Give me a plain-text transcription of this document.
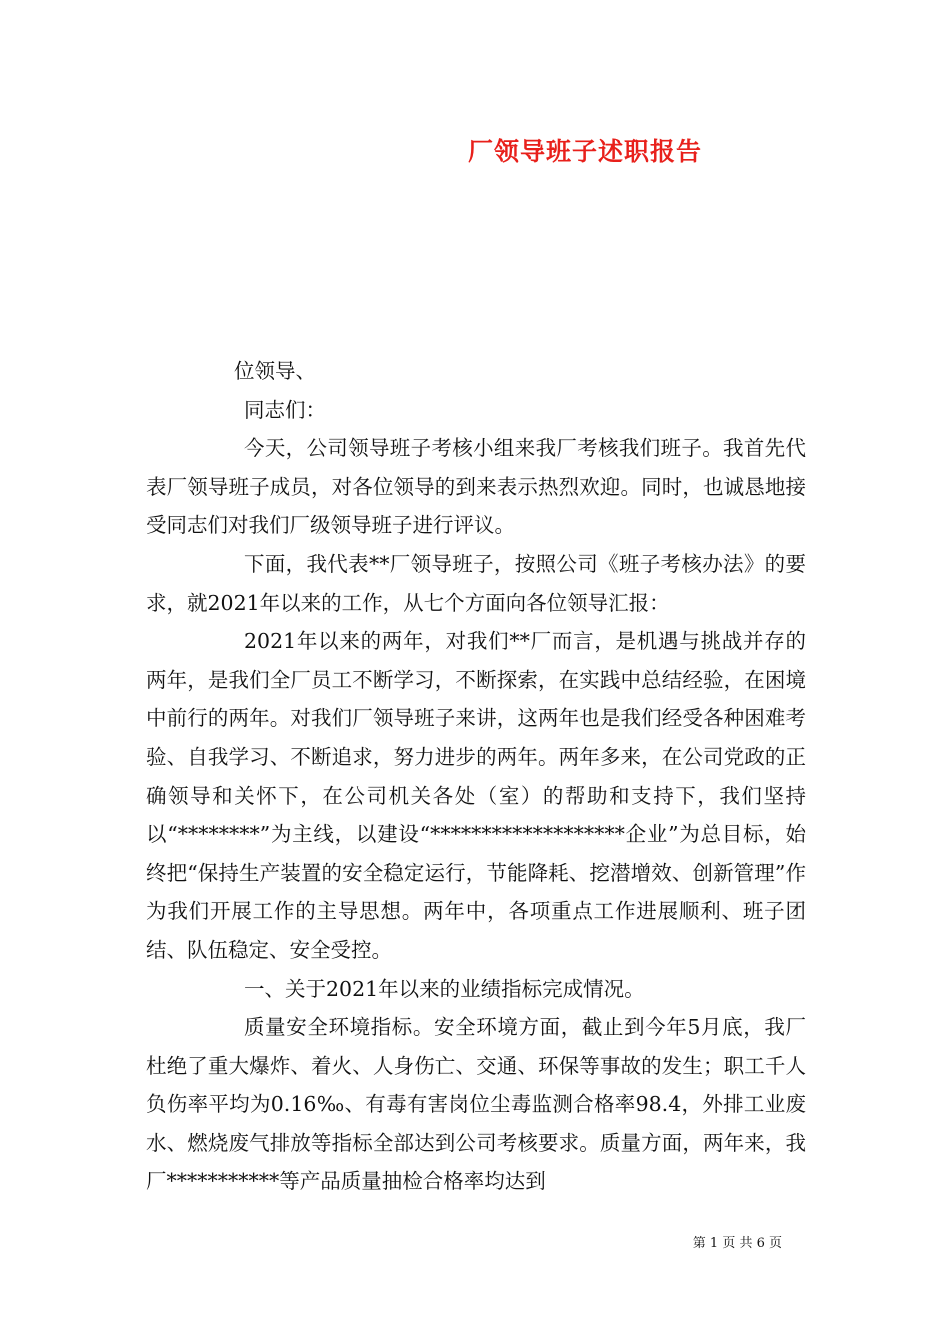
厂领导班子述职报告

位领导、

同志们：

今天，公司领导班子考核小组来我厂考核我们班子。我首先代表厂领导班子成员，对各位领导的到来表示热烈欢迎。同时，也诚恳地接受同志们对我们厂级领导班子进行评议。

下面，我代表**厂领导班子，按照公司《班子考核办法》的要求，就2021年以来的工作，从七个方面向各位领导汇报：

2021年以来的两年，对我们**厂而言，是机遇与挑战并存的两年，是我们全厂员工不断学习，不断探索，在实践中总结经验，在困境中前行的两年。对我们厂领导班子来讲，这两年也是我们经受各种困难考验、自我学习、不断追求，努力进步的两年。两年多来，在公司党政的正确领导和关怀下，在公司机关各处（室）的帮助和支持下，我们坚持以“********”为主线，以建设“*******************企业”为总目标，始终把“保持生产装置的安全稳定运行，节能降耗、挖潜增效、创新管理”作为我们开展工作的主导思想。两年中，各项重点工作进展顺利、班子团结、队伍稳定、安全受控。

一、关于2021年以来的业绩指标完成情况。

质量安全环境指标。安全环境方面，截止到今年5月底，我厂杜绝了重大爆炸、着火、人身伤亡、交通、环保等事故的发生；职工千人负伤率平均为0.16‰、有毒有害岗位尘毒监测合格率98.4，外排工业废水、燃烧废气排放等指标全部达到公司考核要求。质量方面，两年来，我厂***********等产品质量抽检合格率均达到

第 1 页 共 6 页
